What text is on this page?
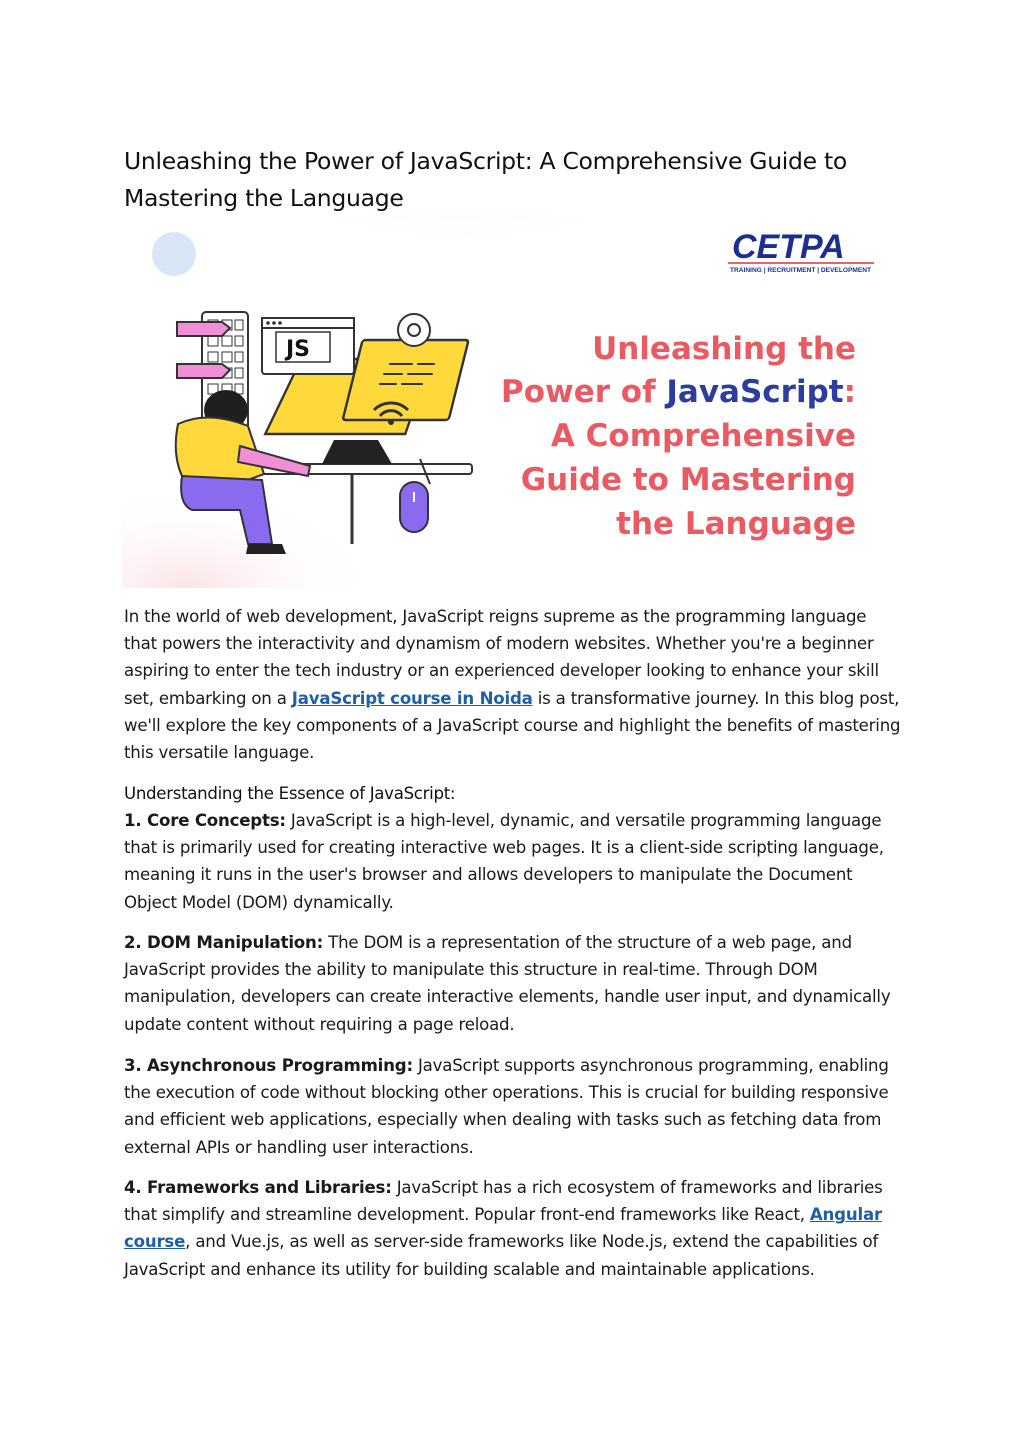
Unleashing the Power of JavaScript: A Comprehensive Guide to Mastering the Language
CETPA
TRAINING | RECRUITMENT | DEVELOPMENT
JS	Unleashing the
Power of JavaScript:
A Comprehensive
Guide to Mastering
the Language

In the world of web development, JavaScript reigns supreme as the programming language that powers the interactivity and dynamism of modern websites. Whether you're a beginner aspiring to enter the tech industry or an experienced developer looking to enhance your skill set, embarking on a JavaScript course in Noida is a transformative journey. In this blog post, we'll explore the key components of a JavaScript course and highlight the benefits of mastering this versatile language.

Understanding the Essence of JavaScript:

1. Core Concepts: JavaScript is a high-level, dynamic, and versatile programming language that is primarily used for creating interactive web pages. It is a client-side scripting language, meaning it runs in the user's browser and allows developers to manipulate the Document Object Model (DOM) dynamically.

2. DOM Manipulation: The DOM is a representation of the structure of a web page, and JavaScript provides the ability to manipulate this structure in real-time. Through DOM manipulation, developers can create interactive elements, handle user input, and dynamically update content without requiring a page reload.

3. Asynchronous Programming: JavaScript supports asynchronous programming, enabling the execution of code without blocking other operations. This is crucial for building responsive and efficient web applications, especially when dealing with tasks such as fetching data from external APIs or handling user interactions.

4. Frameworks and Libraries: JavaScript has a rich ecosystem of frameworks and libraries that simplify and streamline development. Popular front-end frameworks like React, Angular course, and Vue.js, as well as server-side frameworks like Node.js, extend the capabilities of JavaScript and enhance its utility for building scalable and maintainable applications.
